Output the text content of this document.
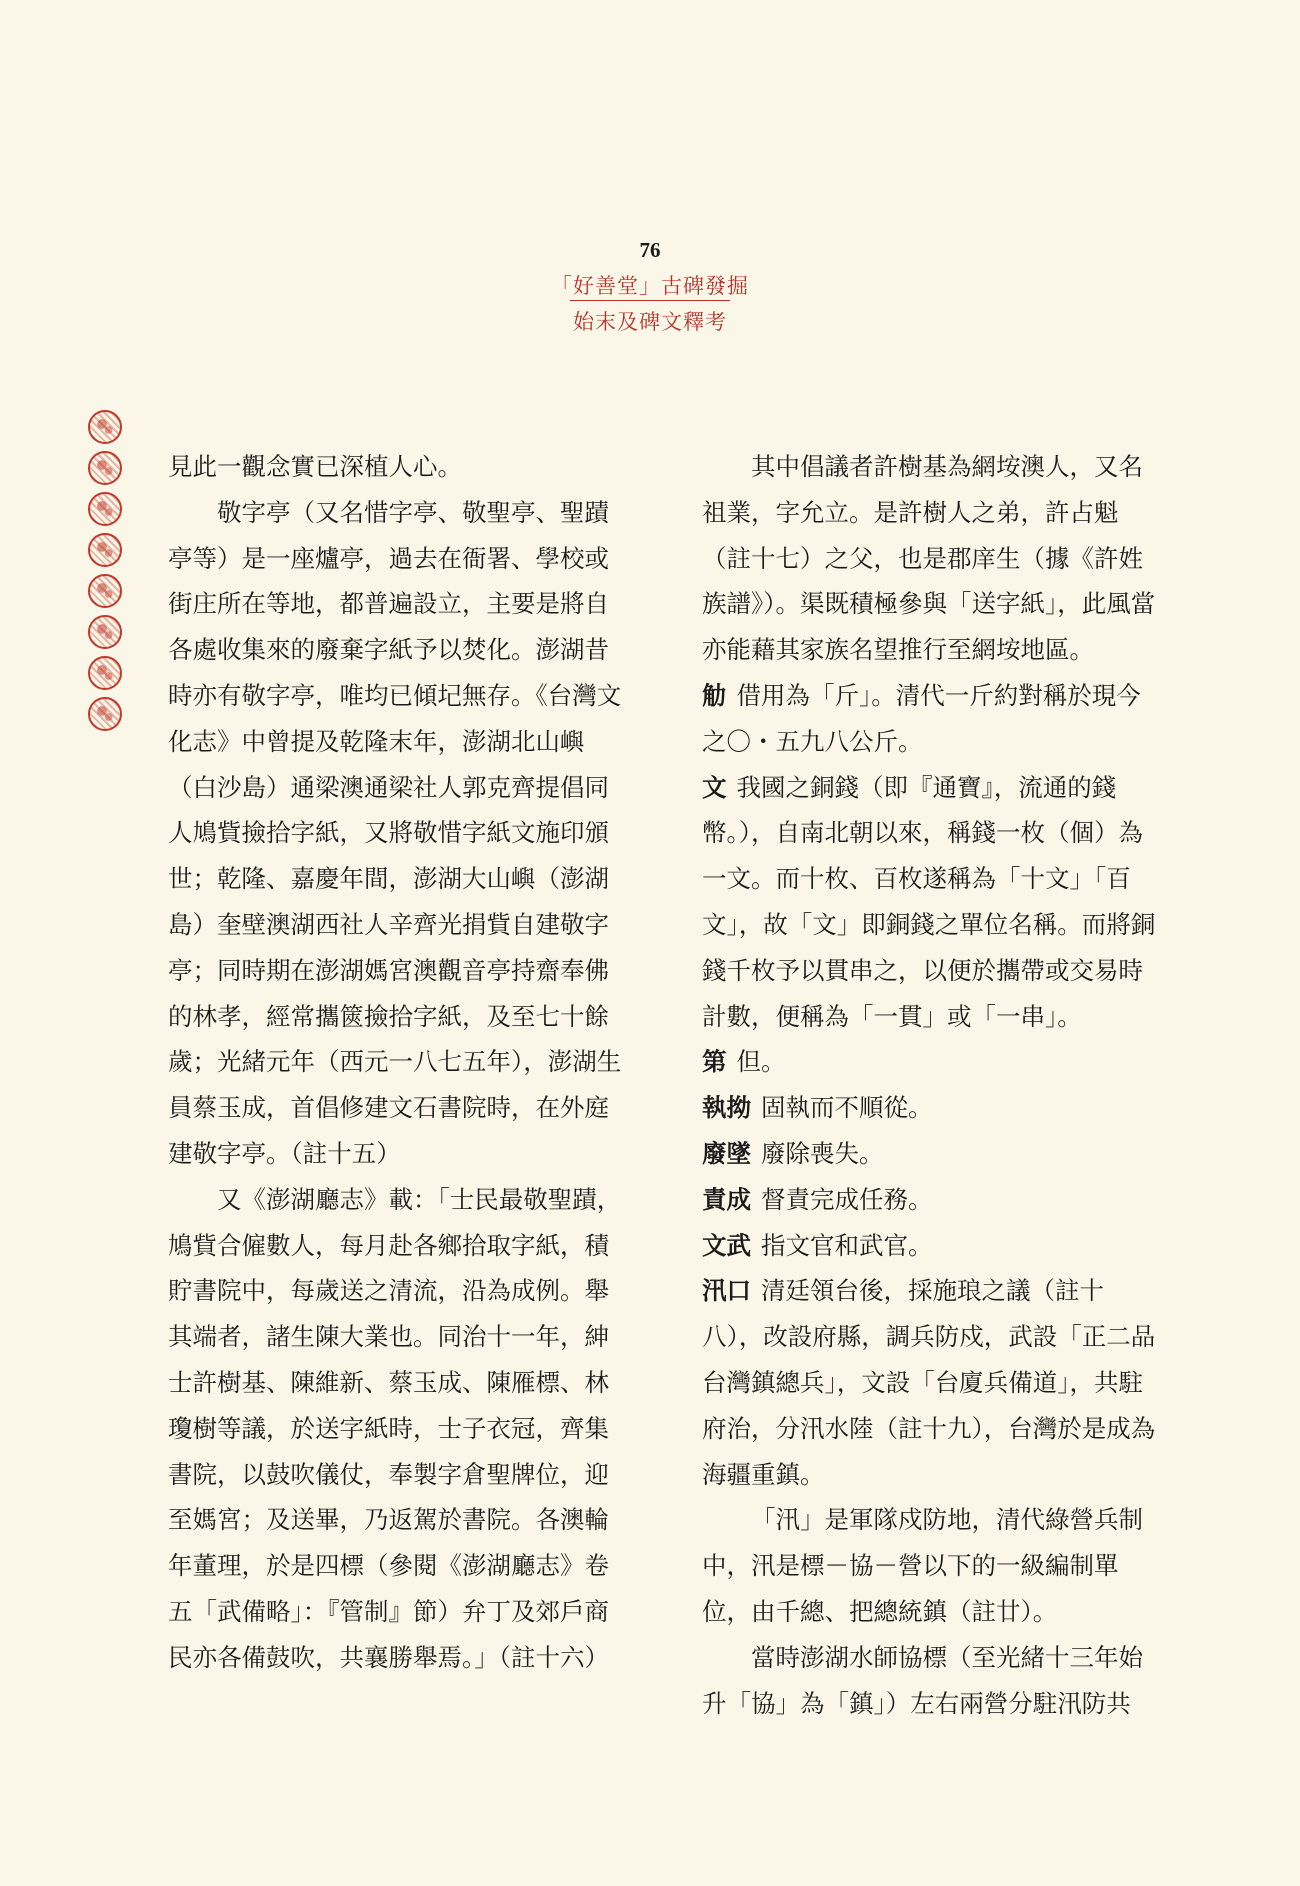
76
「好善堂」古碑發掘
始末及碑文釋考

見此一觀念實已深植人心。

敬字亭（又名惜字亭、敬聖亭、聖蹟亭等）是一座爐亭，過去在衙署、學校或街庄所在等地，都普遍設立，主要是將自各處收集來的廢棄字紙予以焚化。澎湖昔時亦有敬字亭，唯均已傾圮無存。《台灣文化志》中曾提及乾隆末年，澎湖北山嶼（白沙島）通梁澳通梁社人郭克齊提倡同人鳩貲撿拾字紙，又將敬惜字紙文施印頒世；乾隆、嘉慶年間，澎湖大山嶼（澎湖島）奎壁澳湖西社人辛齊光捐貲自建敬字亭；同時期在澎湖媽宮澳觀音亭持齋奉佛的林孝，經常攜篋撿拾字紙，及至七十餘歲；光緒元年（西元一八七五年），澎湖生員蔡玉成，首倡修建文石書院時，在外庭建敬字亭。（註十五）

又《澎湖廳志》載：「士民最敬聖蹟，鳩貲合僱數人，每月赴各鄉拾取字紙，積貯書院中，每歲送之清流，沿為成例。舉其端者，諸生陳大業也。同治十一年，紳士許樹基、陳維新、蔡玉成、陳雁標、林瓊樹等議，於送字紙時，士子衣冠，齊集書院，以鼓吹儀仗，奉製字倉聖牌位，迎至媽宮；及送畢，乃返駕於書院。各澳輪年董理，於是四標（參閱《澎湖廳志》卷五「武備略」：『管制』節）弁丁及郊戶商民亦各備鼓吹，共襄勝舉焉。」（註十六）

其中倡議者許樹基為網垵澳人，又名祖業，字允立。是許樹人之弟，許占魁（註十七）之父，也是郡庠生（據《許姓族譜》）。渠既積極參與「送字紙」，此風當亦能藉其家族名望推行至網垵地區。

觔 借用為「斤」。清代一斤約對稱於現今之〇・五九八公斤。

文 我國之銅錢（即『通寶』，流通的錢幣。），自南北朝以來，稱錢一枚（個）為一文。而十枚、百枚遂稱為「十文」「百文」，故「文」即銅錢之單位名稱。而將銅錢千枚予以貫串之，以便於攜帶或交易時計數，便稱為「一貫」或「一串」。

第 但。

執拗 固執而不順從。

廢墜 廢除喪失。

責成 督責完成任務。

文武 指文官和武官。

汛口 清廷領台後，採施琅之議（註十八），改設府縣，調兵防戍，武設「正二品台灣鎮總兵」，文設「台廈兵備道」，共駐府治，分汛水陸（註十九），台灣於是成為海疆重鎮。

「汛」是軍隊戍防地，清代綠營兵制中，汛是標－協－營以下的一級編制單位，由千總、把總統鎮（註廿）。

當時澎湖水師協標（至光緒十三年始升「協」為「鎮」）左右兩營分駐汛防共
